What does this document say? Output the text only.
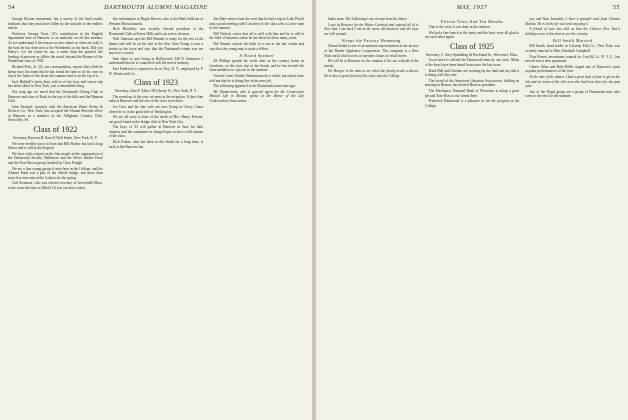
54	DARTMOUTH ALUMNI MAGAZINE

George Boston instrument, but a survey of the final results indicates that they must have fallen by the wayside in the endless march.

Professor George Frost, '21's contribution to the English department here in Hanover, is an authority on all this antenna. As we understand it his reason we now admit so often are told, is the ham he has done pen to the Wonderful on the book. Did you Daley's. Let the frame be out, a rather than the pointed, the feeding of pressure as follow the stand, beyond the Honnes of the Waterfront class of 1929.

Richard Potts, Jr. '22, our correspondent, reports that while he keeps busy his name that he has found the time to do his own on top of the finest of the boats this summer and is on the top of it.

Jack Hubbell's latest diary told us of the four, and whose trip has been called in New York, just a remarkable thing.

Not long ago we noted that the Dartmouth Outing Club in Hanover and class of Buck in the top of the hills and the Hinman Club.

John Packard, formerly with the American Water Works & Electric Co., New York, has accepted the Alumni Records office at Hanover as a member of the Alleghany Country Club, Sewickley, Pa.

Class of 1922
Secretary, Rawson H. Ernst 8 Wall Street, New York, N. Y.

We were terribly sorry to learn that Bill Shirley has had a long illness and is still at the hospital.

We have with a report on the fine people in the organization of the Dartmouth Society, Baltimore and the Silver Jubilee Fund and the New Haven group, headed by Chris Pringle.

We are a fine young group of men here in the College, and the Alumni Fund was a part of the fiftieth bridge, and more than sixty-five men met at the Carlton for the spring.

Carl Swanson, who was elected secretary of Greenfield Mass. at the town election on March 16, has our best wishes.

this information to Regan Brown, who is the Mark Sullivan of Western Massachusetts.

Dick Blatchley was recently elected president of the Dartmouth Club at Forest Hills and is an active ski man.

Walt Johnston says his Bill Bennett is ready for the rest of the dinner and will be on his feet at the first. Stan Young is now a broker in the town and says that the Dartmouth winter was too much of a crowd.

Stan Spiro is now living in Hollywood, 549 N. Kenmore. I understand that he is connected with the movie industry.

Earl Frederick is reported to be in Troy, N. Y., employed by F. W. Woolworth Co.

Class of 1923
Secretary, John F. Allen 138 Liberty St., New York, N. Y.

The round up of the year we meet at the reception. A fine clam bake at Hanover and the rest of the class were there.

Joe Goss and his fine wife are now living in Chevy Chase where he is on the good side of Washington.

We are all sorry to hear of the death of Mrs. Henry Folsom, our good friend at the bridge club in New York City.

The boys of '23 will gather at Hanover in June for their reunion, and the committee in charge hopes to have a full turnout of the class.

Dick Parker, who has been in the South for a long time, is back at the Hanover Inn.

Jim Marr writes from the west that he had a trip to Lake Placid and a good meeting with Cowdrey of the class who is a fine man in the summer.

Bill Nichols writes that all is well with him and he is still in the field of business where he has been for these many years.

Hal Simons reports the birth of a son in the late winter and says that the young man is quite a fellow.

A Noted Speaker

Ed Phillips spends his week ends in the country home as Goodwin, on the class trip to the South, and he has invited the class members to a picnic in the summer.

I haven't seen Charlie Zimmerman for a while, but others have told me that he is doing fine in his new job.

The following appeared in the Dartmouth some time ago:

Mr. Zimmerman, who is general agent for the Connecticut Mutual Life in Boston, spoke at the dinner of the Life Underwriters Association.

MAY, 1937	55

ladies man. The following is an excerpt from his letter:

I was in Hanover for the Winter Carnival and enjoyed all of it. Now that I am back I am in the same old business and the boys are still around.

Keeps the Factory Humming

Nemat Kahla is one of an eminent representation at the factory of the Dinner Appliance Corporation. This company is a New York outfit which owns or operates chains of retail stores.

He will be at Hanover for the reunion if he can, with all of the family.

Dr. Hooper is the man to see when the family needs a doctor. He is also a good friend of the class and the College.

Fifteen Years And Ten Months

That is the year, it was done at the reunion.

We had a fine bunch at the party and the boys were all glad to see each other again.

Class of 1925
Secretary, C. Jerry Spaulding 62 Rockland St., Worcester, Mass.

Good news is offered the Dartmouth men by our class. Many of the boys have been heard from since the last issue.

Rand Hall and Gardner are working on the fund and say that it is doing well this year.

The board of the American Unitarian Association, holding its meeting in Boston, has elected Hurd as president.

The Mechanics National Bank of Worcester is doing a great job and Tom Ross is our friend there.

Frederick Dartmouth is a pleasure to see the progress at the College.

you and Stan Lansdale, I have a grateful card from Johnnie Rankin. He is in the far east and enjoying it.

A friend of ours has told us that the Chinese New Year's holidays were a fine time to see the country.

Bill Smith Married

Bill Smith, bond trader in Colonny Fish Co., New York, was recently married to Miss Elizabeth Campbell.

Now Ferree, investment counsel for Lord & Co., N. Y. C., has moved into a new apartment.

Chiner Allen and Rob Miller staged one of Hanover's most popular performances of the year.

At the time of the dinner, I had a great deal of time to get to the lab and see some of the old crew who had been there for the past year.

Just of the Nepal group are a group of Dartmouth men who went to the east for the summer.
